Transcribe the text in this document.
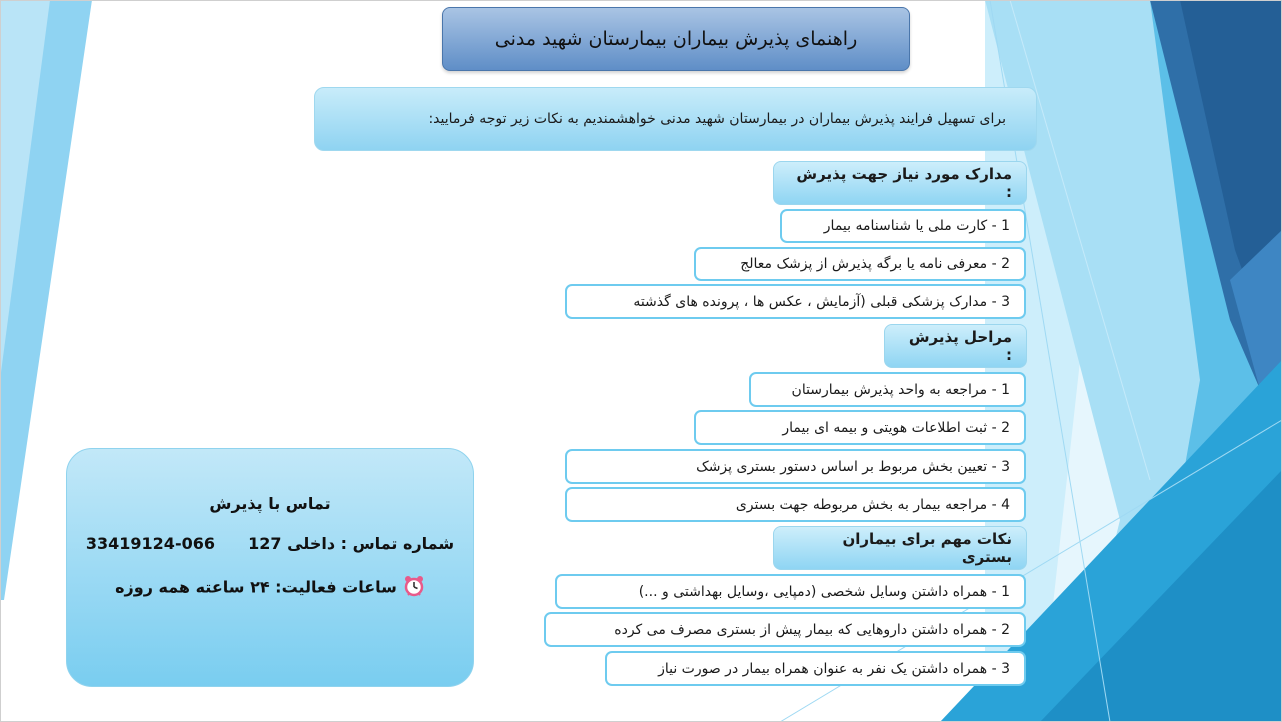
راهنمای پذیرش بیماران بیمارستان شهید مدنی
برای تسهیل فرایند پذیرش بیماران در بیمارستان شهید مدنی خواهشمندیم به نکات زیر توجه فرمایید:
مدارک مورد نیاز جهت پذیرش :
1 - کارت ملی یا شناسنامه بیمار
2 - معرفی نامه یا برگه پذیرش از پزشک معالج
3 - مدارک پزشکی قبلی (آزمایش ، عکس ها ، پرونده های گذشته
مراحل پذیرش :
1 - مراجعه به واحد پذیرش بیمارستان
2 - ثبت اطلاعات هویتی و بیمه ای بیمار
3 - تعیین بخش مربوط بر اساس دستور بستری پزشک
4 - مراجعه بیمار به بخش مربوطه جهت بستری
نکات مهم برای بیماران بستری
1 - همراه داشتن وسایل شخصی (دمپایی ،وسایل بهداشتی و ...)
2 - همراه داشتن داروهایی که بیمار پیش از بستری مصرف می کرده
3 - همراه داشتن یک نفر به عنوان همراه بیمار در صورت نیاز
تماس با پذیرش
شماره تماس : داخلی 127  066-33419124
ساعات فعالیت: ۲۴ ساعته همه روزه
